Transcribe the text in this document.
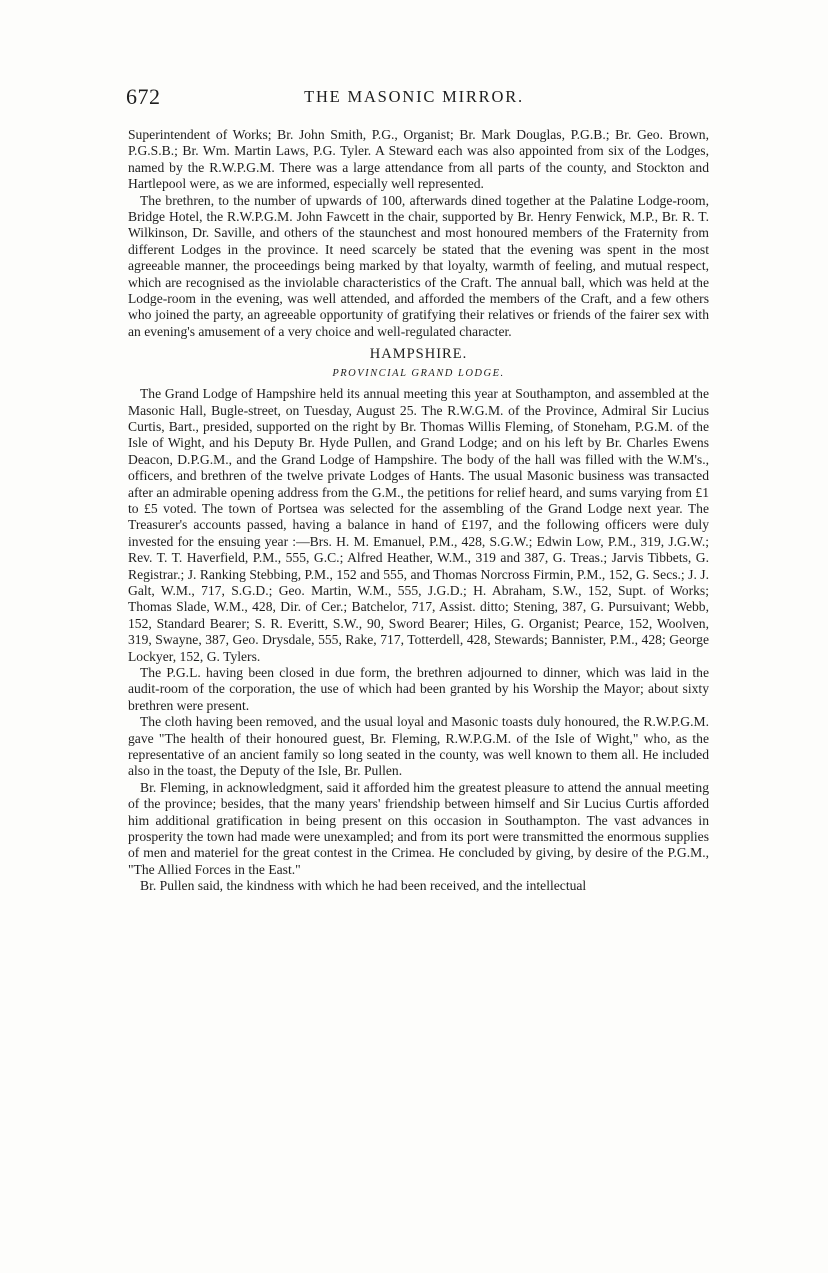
672	THE MASONIC MIRROR.

Superintendent of Works; Br. John Smith, P.G., Organist; Br. Mark Douglas, P.G.B.; Br. Geo. Brown, P.G.S.B.; Br. Wm. Martin Laws, P.G. Tyler. A Steward each was also appointed from six of the Lodges, named by the R.W.P.G.M. There was a large attendance from all parts of the county, and Stockton and Hartlepool were, as we are informed, especially well represented.

The brethren, to the number of upwards of 100, afterwards dined together at the Palatine Lodge-room, Bridge Hotel, the R.W.P.G.M. John Fawcett in the chair, supported by Br. Henry Fenwick, M.P., Br. R. T. Wilkinson, Dr. Saville, and others of the staunchest and most honoured members of the Fraternity from different Lodges in the province. It need scarcely be stated that the evening was spent in the most agreeable manner, the proceedings being marked by that loyalty, warmth of feeling, and mutual respect, which are recognised as the inviolable characteristics of the Craft. The annual ball, which was held at the Lodge-room in the evening, was well attended, and afforded the members of the Craft, and a few others who joined the party, an agreeable opportunity of gratifying their relatives or friends of the fairer sex with an evening's amusement of a very choice and well-regulated character.

HAMPSHIRE.
PROVINCIAL GRAND LODGE.

The Grand Lodge of Hampshire held its annual meeting this year at Southampton, and assembled at the Masonic Hall, Bugle-street, on Tuesday, August 25. The R.W.G.M. of the Province, Admiral Sir Lucius Curtis, Bart., presided, supported on the right by Br. Thomas Willis Fleming, of Stoneham, P.G.M. of the Isle of Wight, and his Deputy Br. Hyde Pullen, and Grand Lodge; and on his left by Br. Charles Ewens Deacon, D.P.G.M., and the Grand Lodge of Hampshire. The body of the hall was filled with the W.M's., officers, and brethren of the twelve private Lodges of Hants. The usual Masonic business was transacted after an admirable opening address from the G.M., the petitions for relief heard, and sums varying from £1 to £5 voted. The town of Portsea was selected for the assembling of the Grand Lodge next year. The Treasurer's accounts passed, having a balance in hand of £197, and the following officers were duly invested for the ensuing year :—Brs. H. M. Emanuel, P.M., 428, S.G.W.; Edwin Low, P.M., 319, J.G.W.; Rev. T. T. Haverfield, P.M., 555, G.C.; Alfred Heather, W.M., 319 and 387, G. Treas.; Jarvis Tibbets, G. Registrar.; J. Ranking Stebbing, P.M., 152 and 555, and Thomas Norcross Firmin, P.M., 152, G. Secs.; J. J. Galt, W.M., 717, S.G.D.; Geo. Martin, W.M., 555, J.G.D.; H. Abraham, S.W., 152, Supt. of Works; Thomas Slade, W.M., 428, Dir. of Cer.; Batchelor, 717, Assist. ditto; Stening, 387, G. Pursuivant; Webb, 152, Standard Bearer; S. R. Everitt, S.W., 90, Sword Bearer; Hiles, G. Organist; Pearce, 152, Woolven, 319, Swayne, 387, Geo. Drysdale, 555, Rake, 717, Totterdell, 428, Stewards; Bannister, P.M., 428; George Lockyer, 152, G. Tylers.

The P.G.L. having been closed in due form, the brethren adjourned to dinner, which was laid in the audit-room of the corporation, the use of which had been granted by his Worship the Mayor; about sixty brethren were present.

The cloth having been removed, and the usual loyal and Masonic toasts duly honoured, the R.W.P.G.M. gave "The health of their honoured guest, Br. Fleming, R.W.P.G.M. of the Isle of Wight," who, as the representative of an ancient family so long seated in the county, was well known to them all. He included also in the toast, the Deputy of the Isle, Br. Pullen.

Br. Fleming, in acknowledgment, said it afforded him the greatest pleasure to attend the annual meeting of the province; besides, that the many years' friendship between himself and Sir Lucius Curtis afforded him additional gratification in being present on this occasion in Southampton. The vast advances in prosperity the town had made were unexampled; and from its port were transmitted the enormous supplies of men and materiel for the great contest in the Crimea. He concluded by giving, by desire of the P.G.M., "The Allied Forces in the East."

Br. Pullen said, the kindness with which he had been received, and the intellectual
